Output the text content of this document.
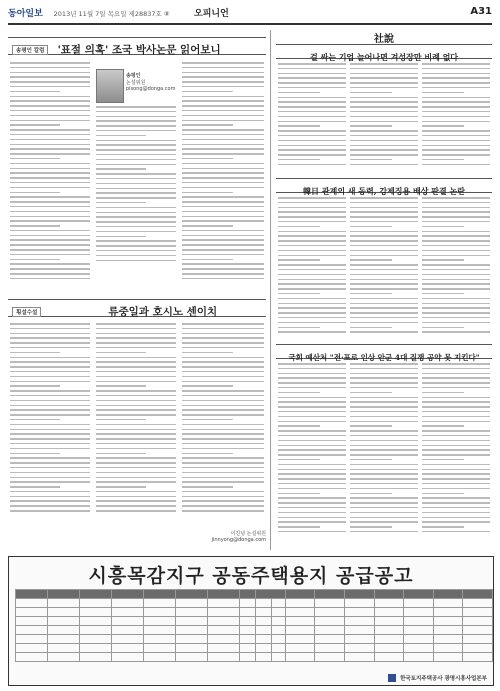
동아일보 2013년 11월 7일 목요일 제28837호 ⑧	오피니언	A31
송평인 칼럼 '표절 의혹' 조국 박사논문 읽어보니
송평인
논설위원
pisong@donga.com
횡설수설	류중일과 호시노 센이치
이진녕 논설위원 jinnyong@donga.com
社說
걸 싸는 기업 늘어나면 겨성장만 비례 없다
韓日 관계의 새 동력, 강제징용 배상 판결 논란
국회 예산처 "전·포로 인상 안군 4대 질쟁 공약 못 지킨다"
시흥목감지구 공동주택용지 공급공고

한국토지주택공사 광명시흥사업본부
